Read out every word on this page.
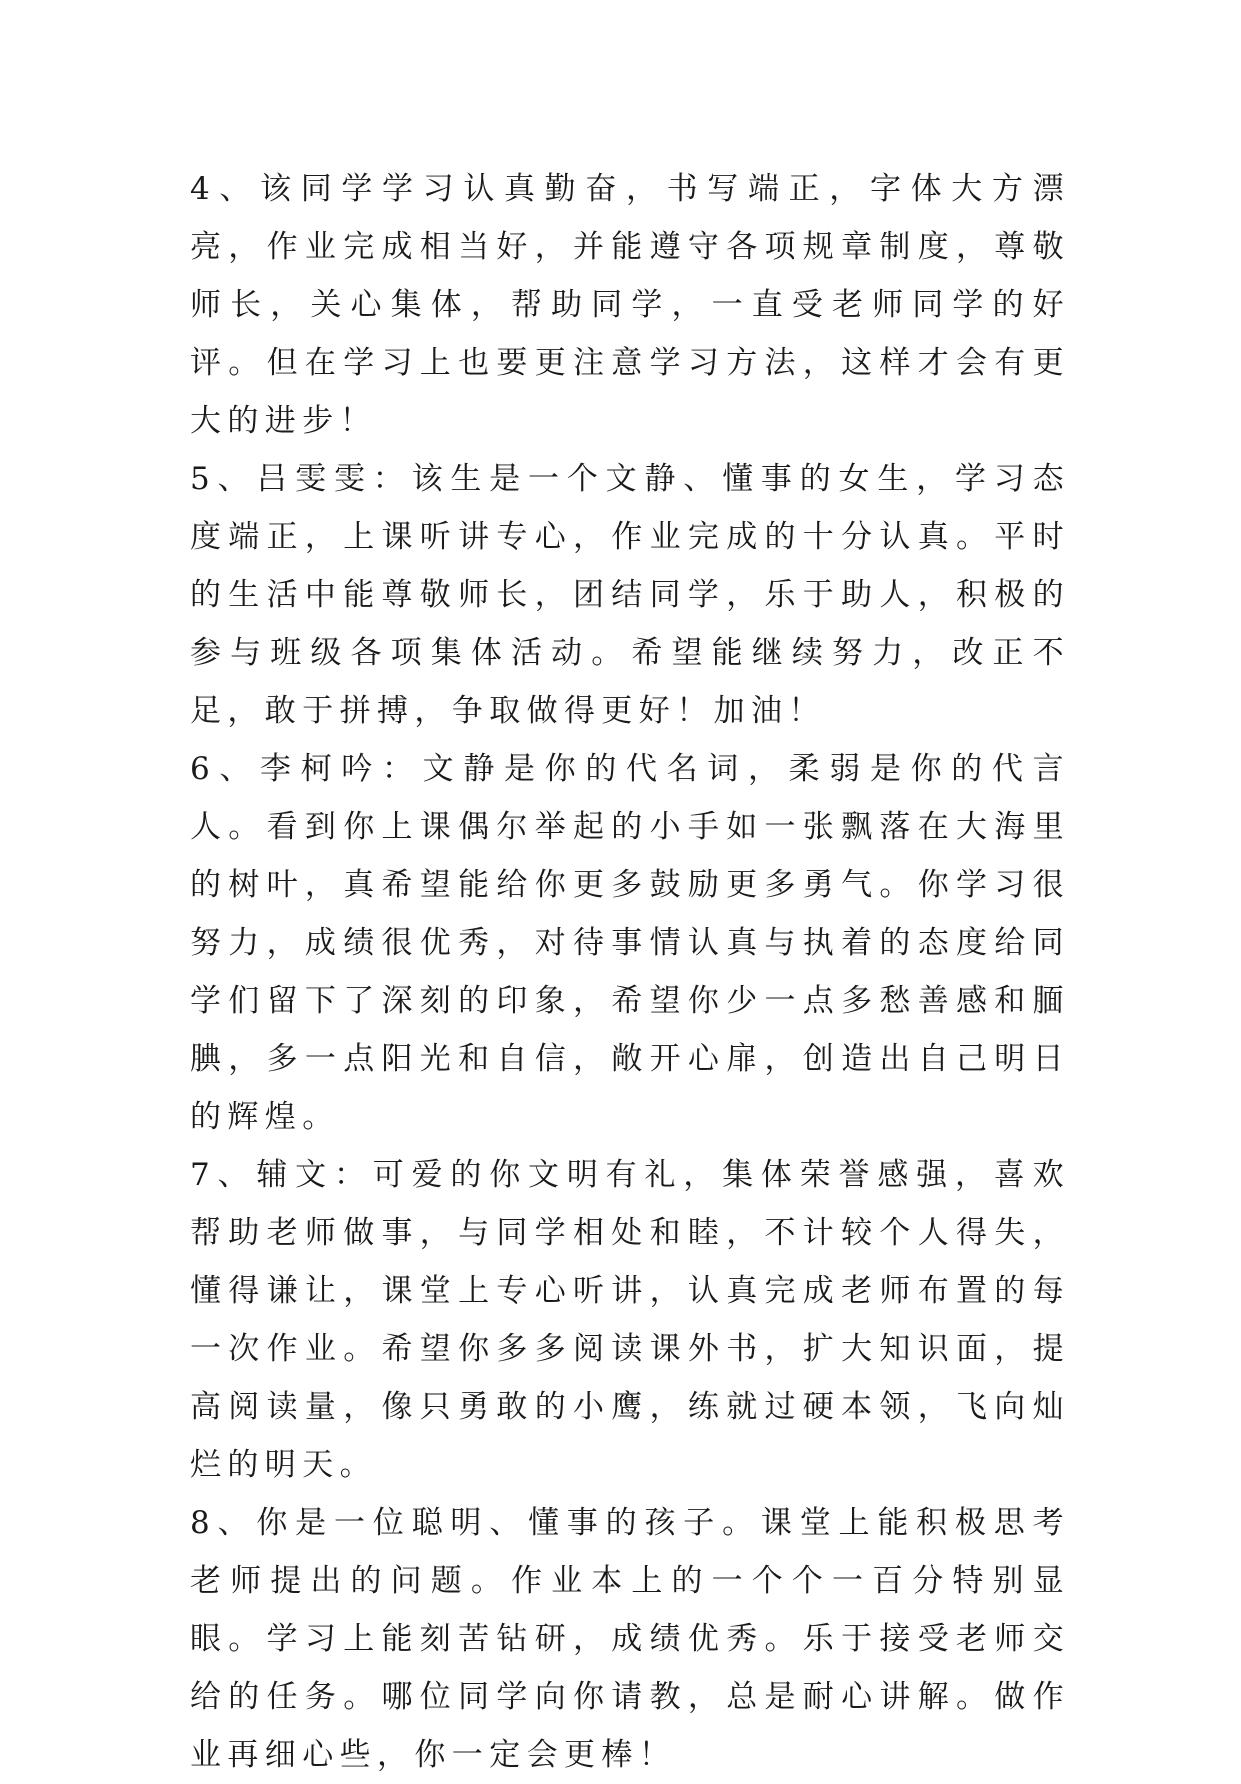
4、该同学学习认真勤奋，书写端正，字体大方漂亮，作业完成相当好，并能遵守各项规章制度，尊敬师长，关心集体，帮助同学，一直受老师同学的好评。但在学习上也要更注意学习方法，这样才会有更大的进步！

5、吕雯雯：该生是一个文静、懂事的女生，学习态度端正，上课听讲专心，作业完成的十分认真。平时的生活中能尊敬师长，团结同学，乐于助人，积极的参与班级各项集体活动。希望能继续努力，改正不足，敢于拼搏，争取做得更好！加油！

6、李柯吟：文静是你的代名词，柔弱是你的代言人。看到你上课偶尔举起的小手如一张飘落在大海里的树叶，真希望能给你更多鼓励更多勇气。你学习很努力，成绩很优秀，对待事情认真与执着的态度给同学们留下了深刻的印象，希望你少一点多愁善感和腼腆，多一点阳光和自信，敞开心扉，创造出自己明日的辉煌。

7、辅文：可爱的你文明有礼，集体荣誉感强，喜欢帮助老师做事，与同学相处和睦，不计较个人得失，懂得谦让，课堂上专心听讲，认真完成老师布置的每一次作业。希望你多多阅读课外书，扩大知识面，提高阅读量，像只勇敢的小鹰，练就过硬本领，飞向灿烂的明天。

8、你是一位聪明、懂事的孩子。课堂上能积极思考老师提出的问题。作业本上的一个个一百分特别显眼。学习上能刻苦钻研，成绩优秀。乐于接受老师交给的任务。哪位同学向你请教，总是耐心讲解。做作业再细心些，你一定会更棒！
